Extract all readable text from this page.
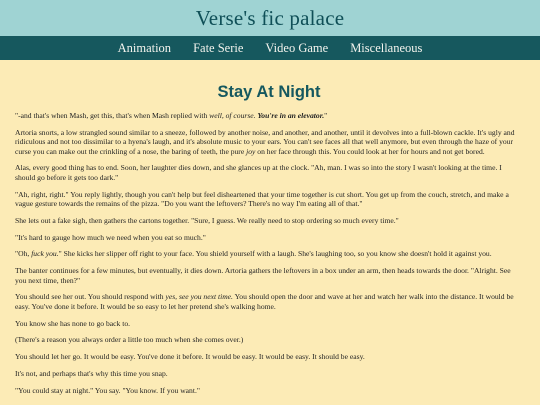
Verse's fic palace
Animation Fate Serie Video Game Miscellaneous
Stay At Night

"-and that's when Mash, get this, that's when Mash replied with well, of course. You're in an elevator."

Artoria snorts, a low strangled sound similar to a sneeze, followed by another noise, and another, and another, until it devolves into a full-blown cackle. It's ugly and ridiculous and not too dissimilar to a hyena's laugh, and it's absolute music to your ears. You can't see faces all that well anymore, but even through the haze of your curse you can make out the crinkling of a nose, the baring of teeth, the pure joy on her face through this. You could look at her for hours and not get bored.

Alas, every good thing has to end. Soon, her laughter dies down, and she glances up at the clock. "Ah, man. I was so into the story I wasn't looking at the time. I should go before it gets too dark."

"Ah, right, right." You reply lightly, though you can't help but feel disheartened that your time together is cut short. You get up from the couch, stretch, and make a vague gesture towards the remains of the pizza. "Do you want the leftovers? There's no way I'm eating all of that."

She lets out a fake sigh, then gathers the cartons together. "Sure, I guess. We really need to stop ordering so much every time."

"It's hard to gauge how much we need when you eat so much."

"Oh, fuck you." She kicks her slipper off right to your face. You shield yourself with a laugh. She's laughing too, so you know she doesn't hold it against you.

The banter continues for a few minutes, but eventually, it dies down. Artoria gathers the leftovers in a box under an arm, then heads towards the door. "Alright. See you next time, then?"

You should see her out. You should respond with yes, see you next time. You should open the door and wave at her and watch her walk into the distance. It would be easy. You've done it before. It would be so easy to let her pretend she's walking home.

You know she has none to go back to.

(There's a reason you always order a little too much when she comes over.)

You should let her go. It would be easy. You've done it before. It would be easy. It would be easy. It should be easy.

It's not, and perhaps that's why this time you snap.

"You could stay at night." You say. "You know. If you want."
